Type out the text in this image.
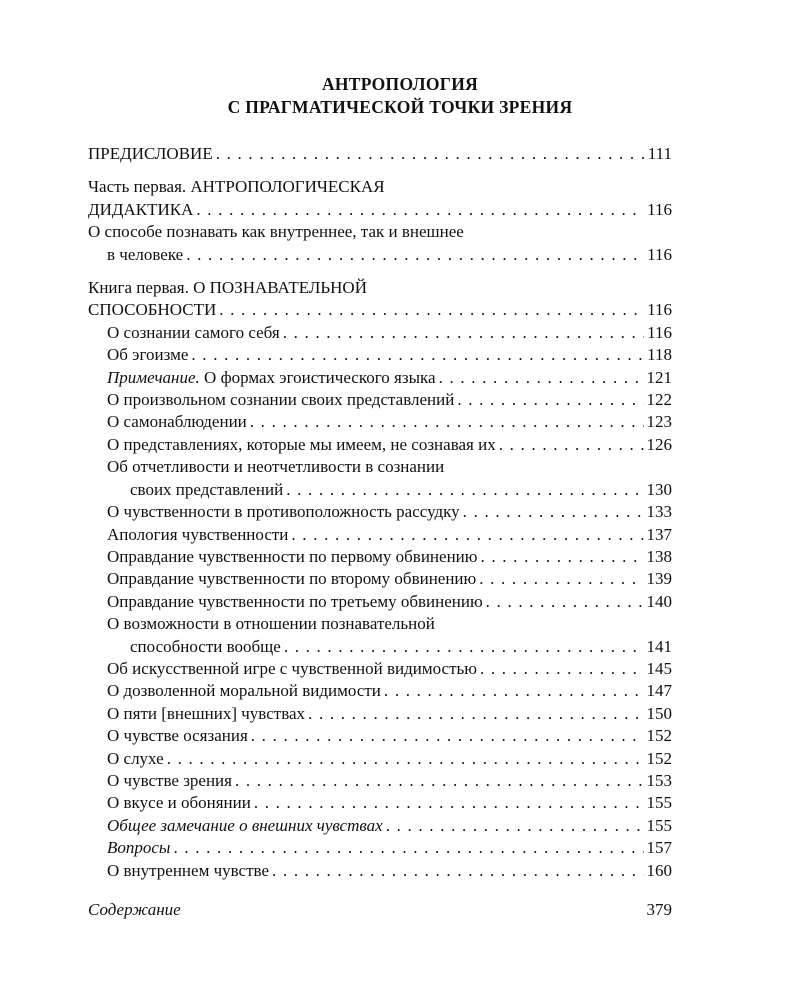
АНТРОПОЛОГИЯ
С ПРАГМАТИЧЕСКОЙ ТОЧКИ ЗРЕНИЯ
ПРЕДИСЛОВИЕ . . .	111
Часть первая. АНТРОПОЛОГИЧЕСКАЯ
ДИДАКТИКА . . .	116
О способе познавать как внутреннее, так и внешнее
в человеке . . .	116
Книга первая. О ПОЗНАВАТЕЛЬНОЙ
СПОСОБНОСТИ . . .	116
О сознании самого себя . . .	116
Об эгоизме . . .	118
Примечание. О формах эгоистического языка . . .	121
О произвольном сознании своих представлений . . .	122
О самонаблюдении . . .	123
О представлениях, которые мы имеем, не сознавая их . . .	126
Об отчетливости и неотчетливости в сознании
своих представлений . . .	130
О чувственности в противоположность рассудку . . .	133
Апология чувственности . . .	137
Оправдание чувственности по первому обвинению . . .	138
Оправдание чувственности по второму обвинению . . .	139
Оправдание чувственности по третьему обвинению . . .	140
О возможности в отношении познавательной
способности вообще . . .	141
Об искусственной игре с чувственной видимостью . . .	145
О дозволенной моральной видимости . . .	147
О пяти [внешних] чувствах . . .	150
О чувстве осязания . . .	152
О слухе . . .	152
О чувстве зрения . . .	153
О вкусе и обонянии . . .	155
Общее замечание о внешних чувствах . . .	155
Вопросы . . .	157
О внутреннем чувстве . . .	160
Содержание	379
